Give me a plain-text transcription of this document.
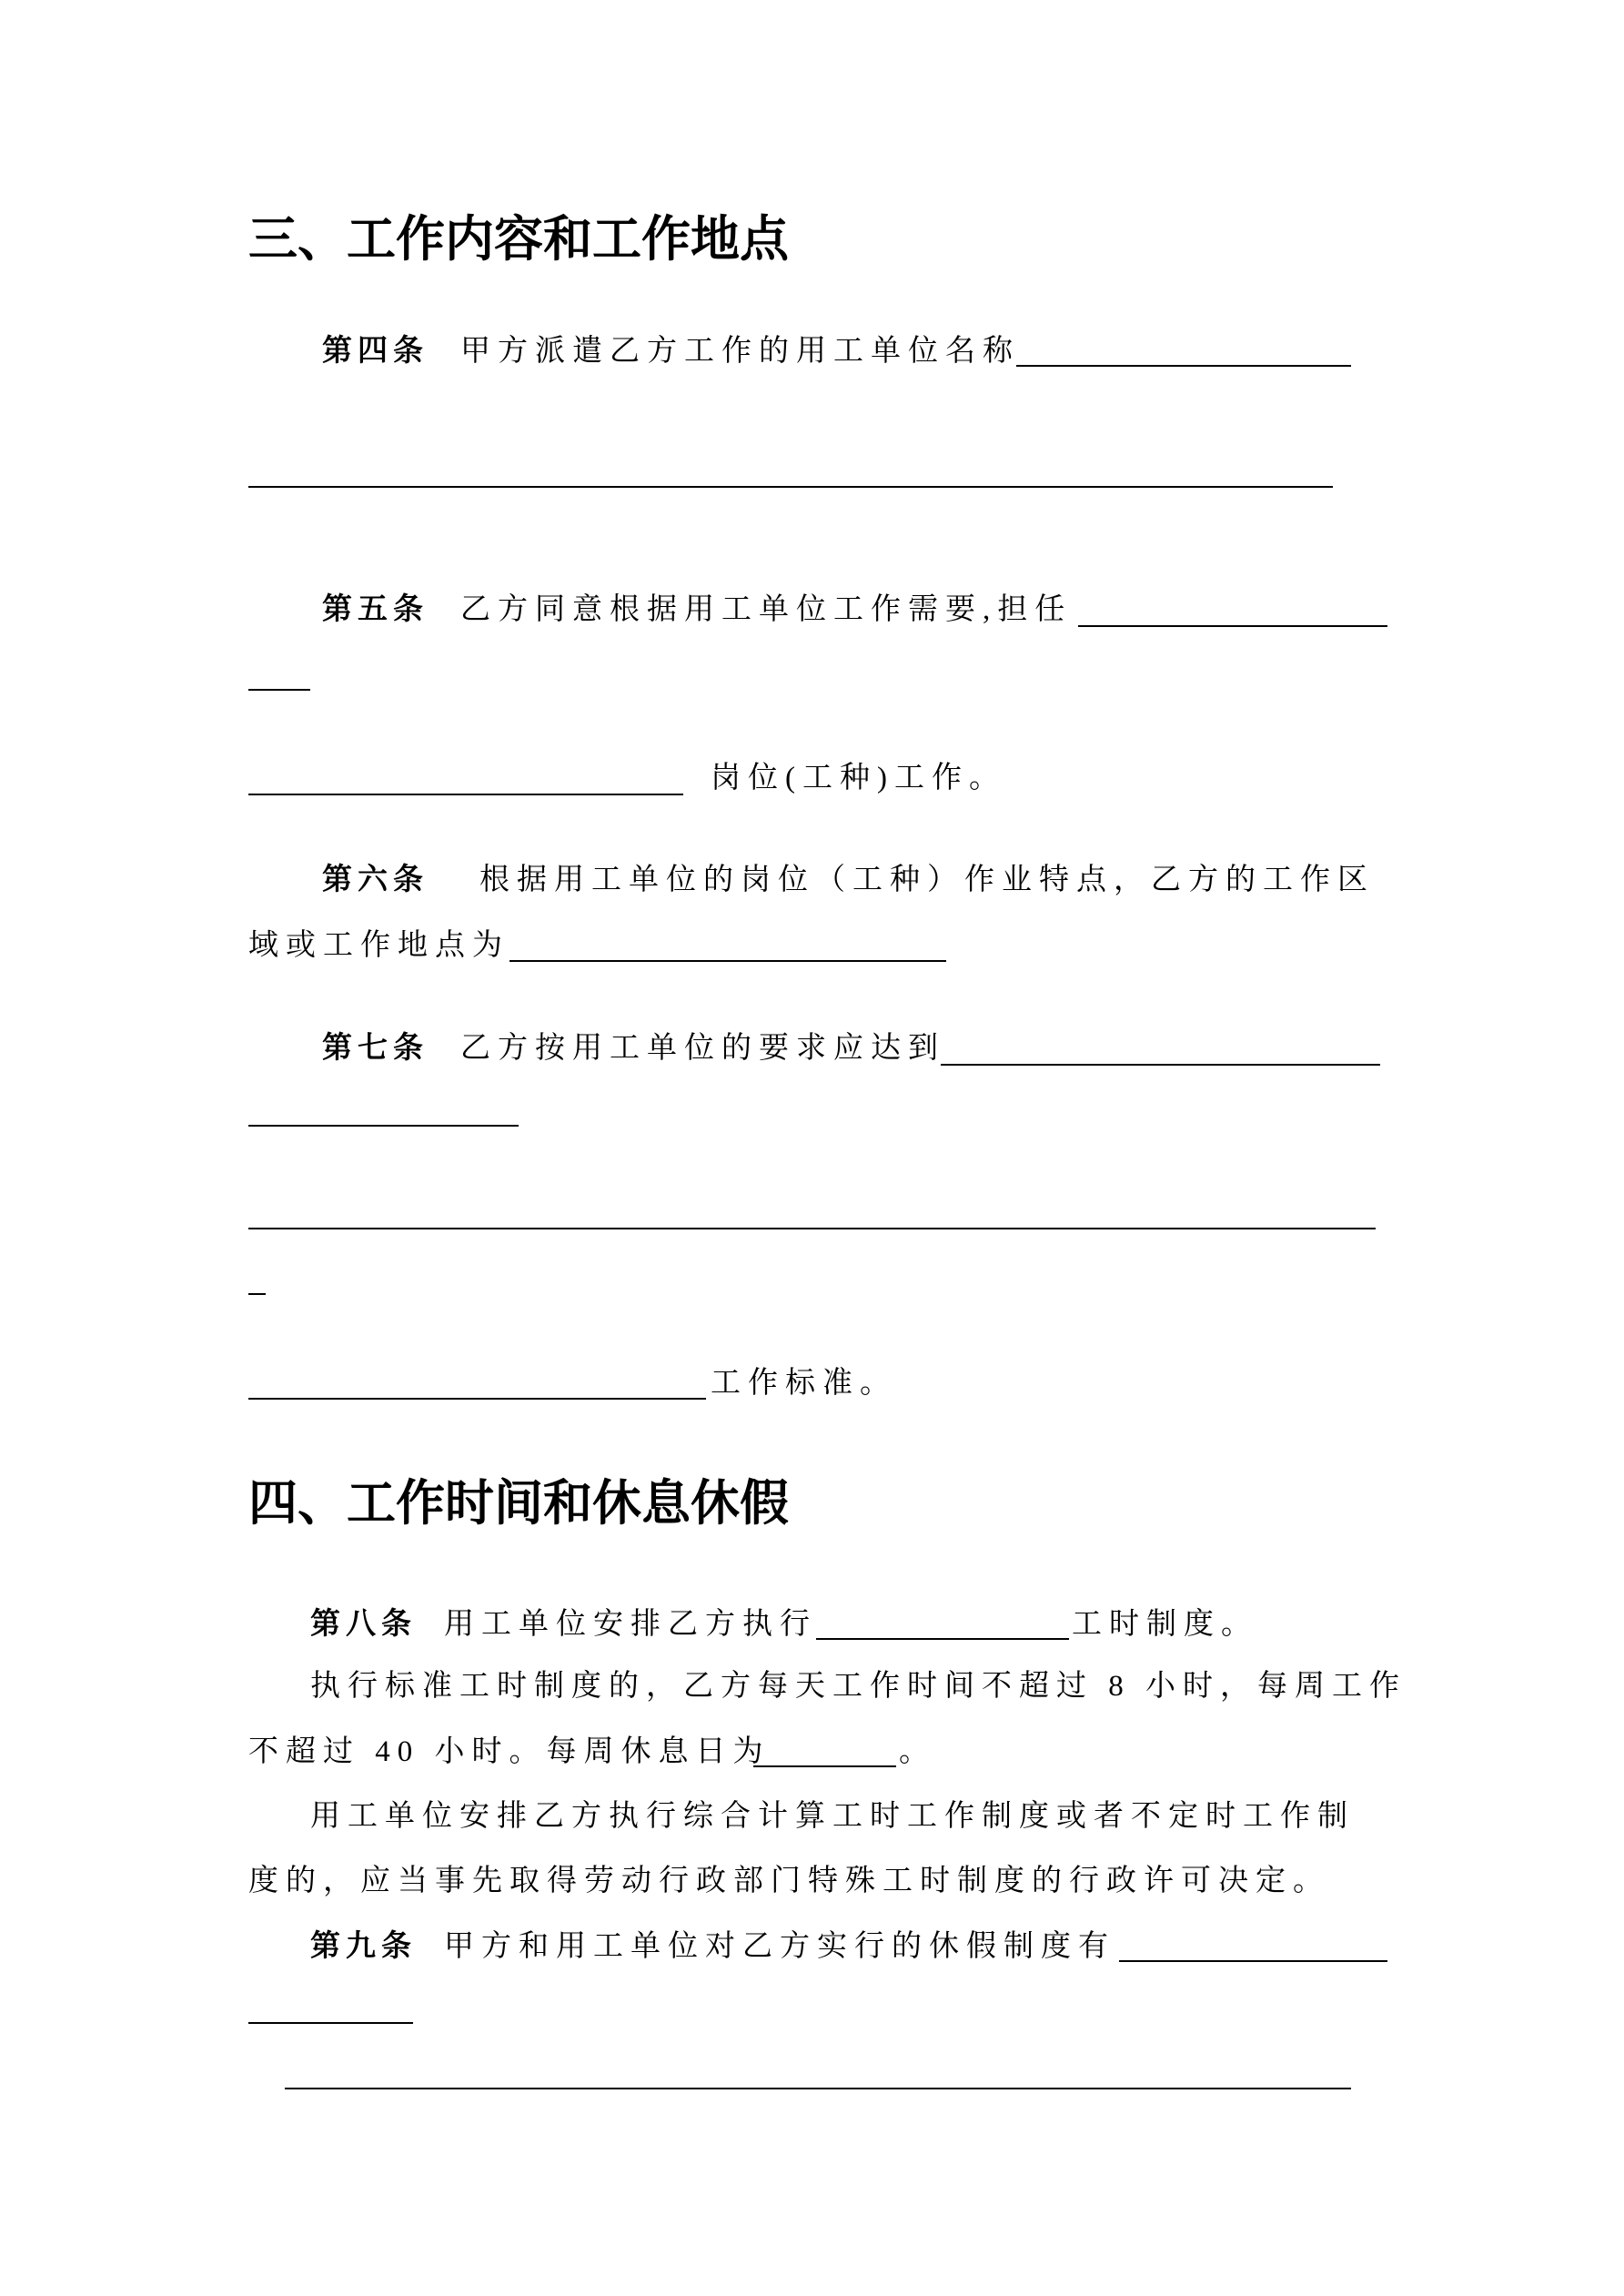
三、工作内容和工作地点
第四条 甲方派遣乙方工作的用工单位名称
第五条 乙方同意根据用工单位工作需要,担任
岗位(工种)工作。
第六条 根据用工单位的岗位（工种）作业特点，乙方的工作区
域或工作地点为
第七条 乙方按用工单位的要求应达到
工作标准。
四、工作时间和休息休假
第八条 用工单位安排乙方执行	工时制度。
执行标准工时制度的，乙方每天工作时间不超过 8 小时，每周工作
不超过 40 小时。每周休息日为	。
用工单位安排乙方执行综合计算工时工作制度或者不定时工作制
度的，应当事先取得劳动行政部门特殊工时制度的行政许可决定。
第九条 甲方和用工单位对乙方实行的休假制度有
